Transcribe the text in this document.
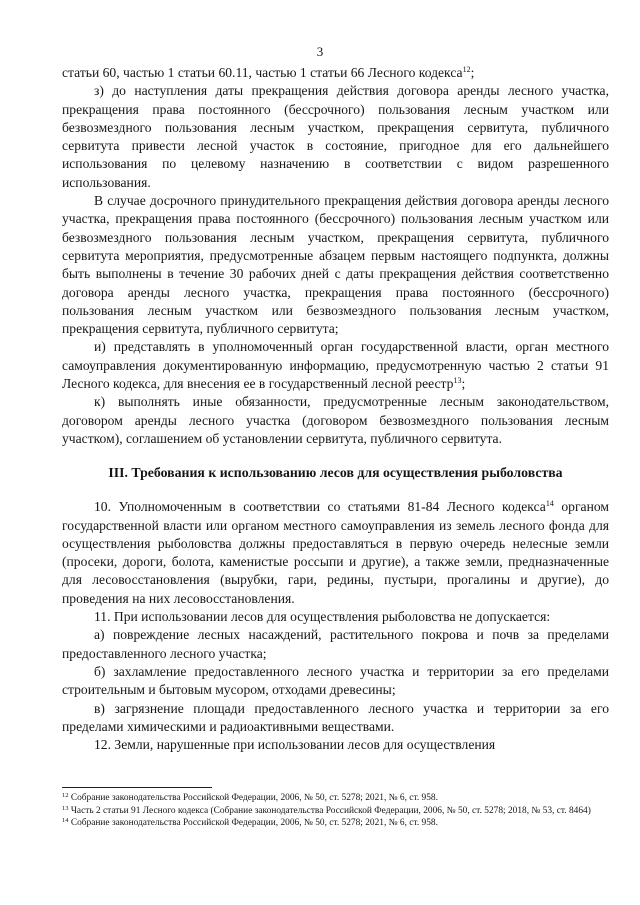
3

статьи 60, частью 1 статьи 60.11, частью 1 статьи 66 Лесного кодекса$^{12}$;

з) до наступления даты прекращения действия договора аренды лесного участка, прекращения права постоянного (бессрочного) пользования лесным участком или безвозмездного пользования лесным участком, прекращения сервитута, публичного сервитута привести лесной участок в состояние, пригодное для его дальнейшего использования по целевому назначению в соответствии с видом разрешенного использования.

В случае досрочного принудительного прекращения действия договора аренды лесного участка, прекращения права постоянного (бессрочного) пользования лесным участком или безвозмездного пользования лесным участком, прекращения сервитута, публичного сервитута мероприятия, предусмотренные абзацем первым настоящего подпункта, должны быть выполнены в течение 30 рабочих дней с даты прекращения действия соответственно договора аренды лесного участка, прекращения права постоянного (бессрочного) пользования лесным участком или безвозмездного пользования лесным участком, прекращения сервитута, публичного сервитута;

и) представлять в уполномоченный орган государственной власти, орган местного самоуправления документированную информацию, предусмотренную частью 2 статьи 91 Лесного кодекса, для внесения ее в государственный лесной реестр$^{13}$;

к) выполнять иные обязанности, предусмотренные лесным законодательством, договором аренды лесного участка (договором безвозмездного пользования лесным участком), соглашением об установлении сервитута, публичного сервитута.

III. Требования к использованию лесов для осуществления рыболовства

10. Уполномоченным в соответствии со статьями 81-84 Лесного кодекса$^{14}$ органом государственной власти или органом местного самоуправления из земель лесного фонда для осуществления рыболовства должны предоставляться в первую очередь нелесные земли (просеки, дороги, болота, каменистые россыпи и другие), а также земли, предназначенные для лесовосстановления (вырубки, гари, редины, пустыри, прогалины и другие), до проведения на них лесовосстановления.

11. При использовании лесов для осуществления рыболовства не допускается:

а) повреждение лесных насаждений, растительного покрова и почв за пределами предоставленного лесного участка;

б) захламление предоставленного лесного участка и территории за его пределами строительным и бытовым мусором, отходами древесины;

в) загрязнение площади предоставленного лесного участка и территории за его пределами химическими и радиоактивными веществами.

12. Земли, нарушенные при использовании лесов для осуществления

$^{12}$ Собрание законодательства Российской Федерации, 2006, № 50, ст. 5278; 2021, № 6, ст. 958.

$^{13}$ Часть 2 статьи 91 Лесного кодекса (Собрание законодательства Российской Федерации, 2006, № 50, ст. 5278; 2018, № 53, ст. 8464)

$^{14}$ Собрание законодательства Российской Федерации, 2006, № 50, ст. 5278; 2021, № 6, ст. 958.
